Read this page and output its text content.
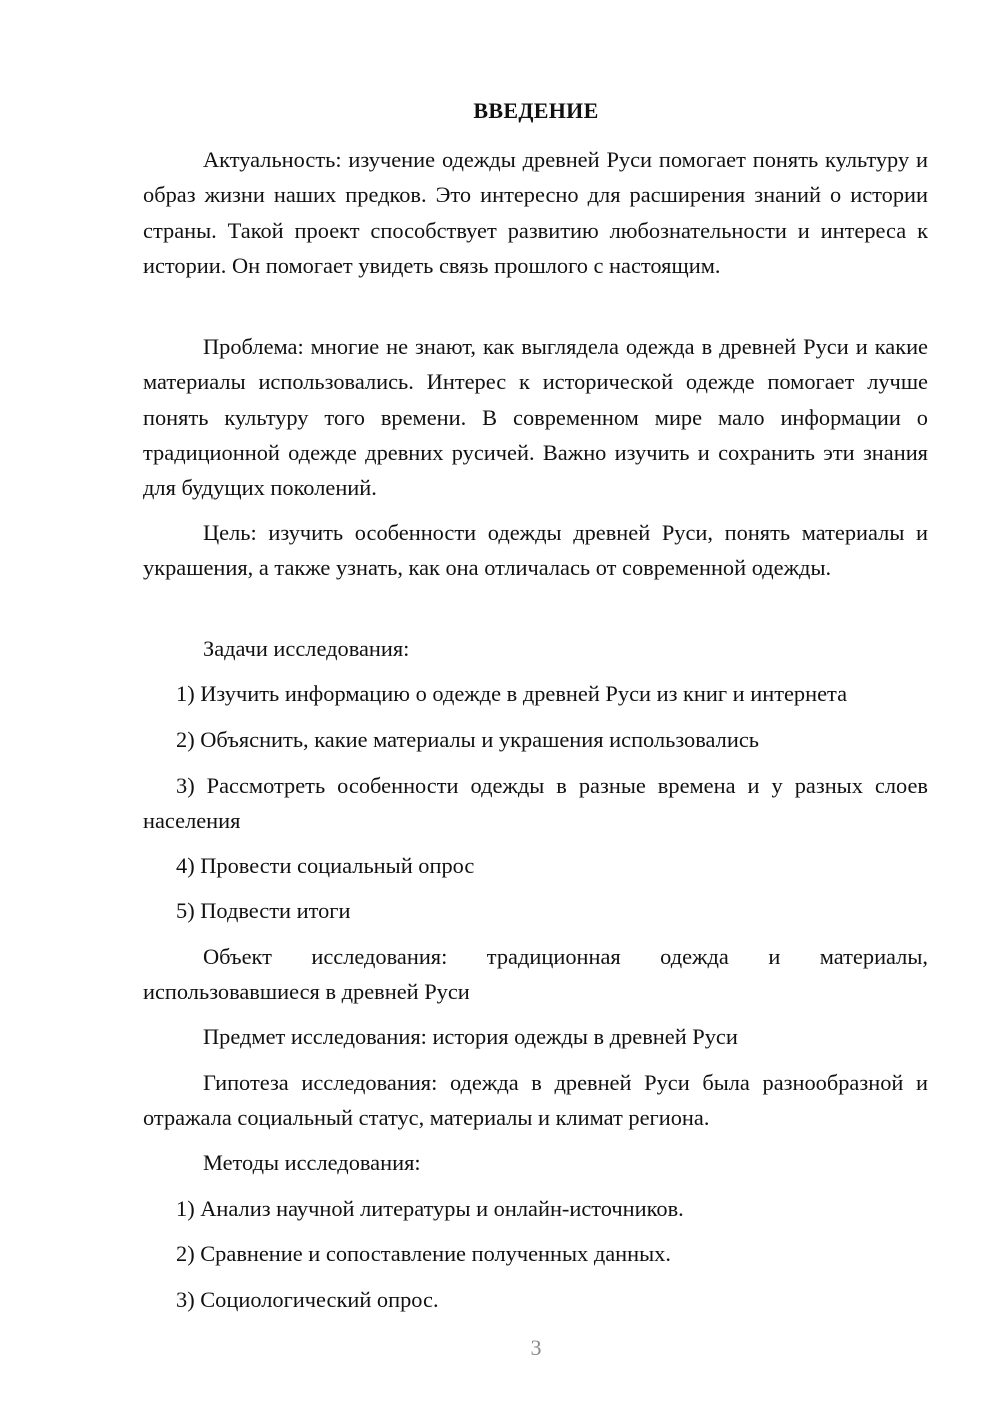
ВВЕДЕНИЕ

Актуальность: изучение одежды древней Руси помогает понять культуру и образ жизни наших предков. Это интересно для расширения знаний о истории страны. Такой проект способствует развитию любознательности и интереса к истории. Он помогает увидеть связь прошлого с настоящим.

Проблема: многие не знают, как выглядела одежда в древней Руси и какие материалы использовались. Интерес к исторической одежде помогает лучше понять культуру того времени. В современном мире мало информации о традиционной одежде древних русичей. Важно изучить и сохранить эти знания для будущих поколений.

Цель: изучить особенности одежды древней Руси, понять материалы и украшения, а также узнать, как она отличалась от современной одежды.

Задачи исследования:

1) Изучить информацию о одежде в древней Руси из книг и интернета

2) Объяснить, какие материалы и украшения использовались

3) Рассмотреть особенности одежды в разные времена и у разных слоев населения

4) Провести социальный опрос

5) Подвести итоги

Объект исследования: традиционная одежда и материалы, использовавшиеся в древней Руси

Предмет исследования: история одежды в древней Руси

Гипотеза исследования: одежда в древней Руси была разнообразной и отражала социальный статус, материалы и климат региона.

Методы исследования:

1) Анализ научной литературы и онлайн-источников.

2) Сравнение и сопоставление полученных данных.

3) Социологический опрос.

3
